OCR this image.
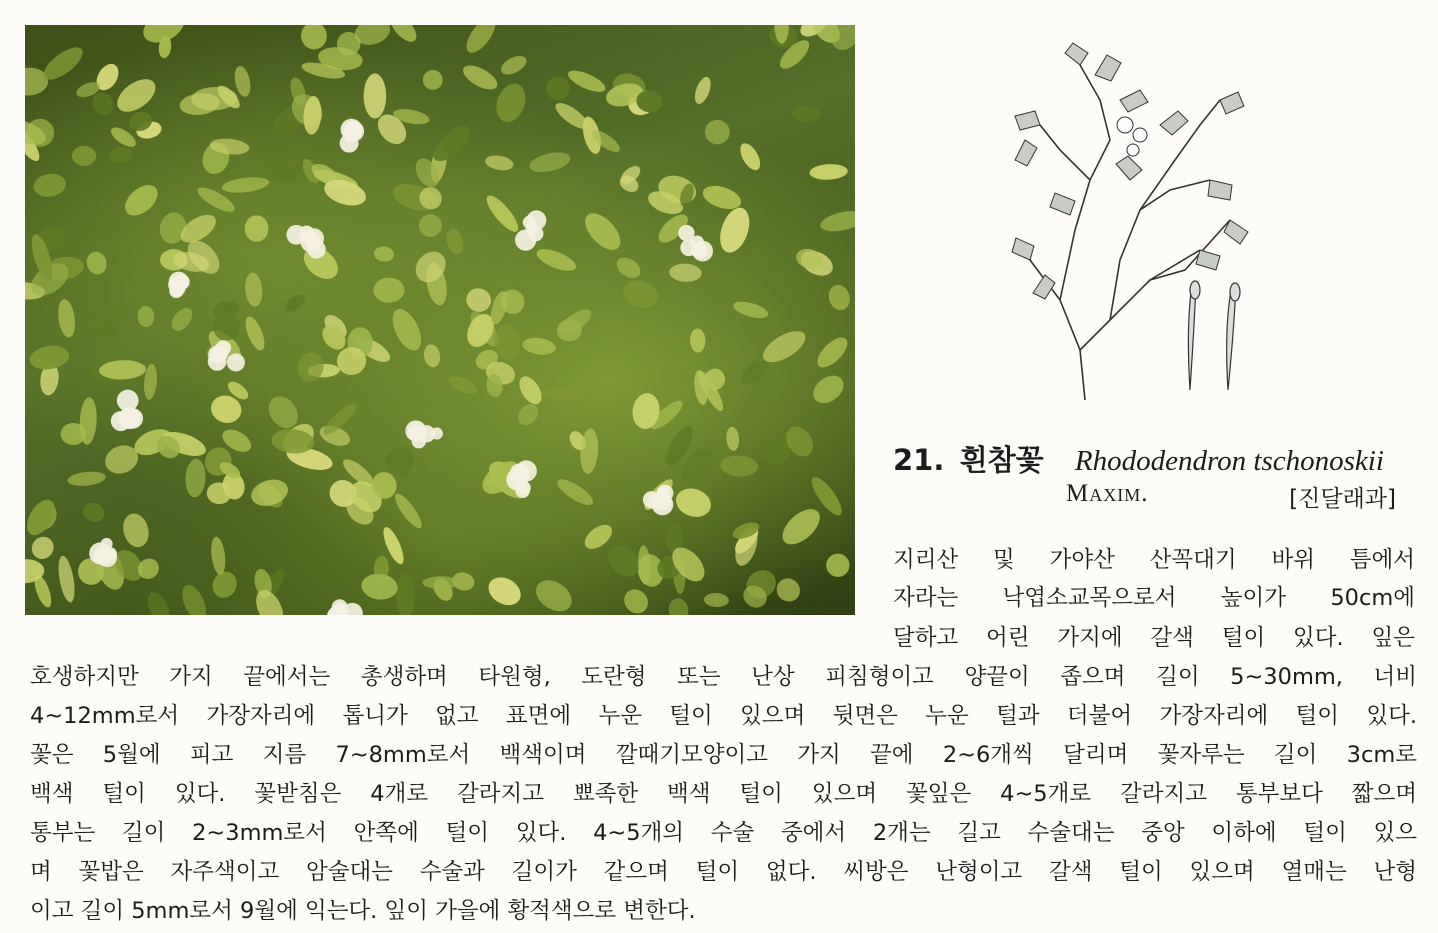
21. 흰참꽃 Rhododendron tschonoskii
Maxim.	[진달래과]
지리산 및 가야산 산꼭대기 바위 틈에서
자라는 낙엽소교목으로서 높이가 50cm에
달하고 어린 가지에 갈색 털이 있다. 잎은
호생하지만 가지 끝에서는 총생하며 타원형, 도란형 또는 난상 피침형이고 양끝이 좁으며 길이 5~30mm, 너비
4~12mm로서 가장자리에 톱니가 없고 표면에 누운 털이 있으며 뒷면은 누운 털과 더불어 가장자리에 털이 있다.
꽃은 5월에 피고 지름 7~8mm로서 백색이며 깔때기모양이고 가지 끝에 2~6개씩 달리며 꽃자루는 길이 3cm로
백색 털이 있다. 꽃받침은 4개로 갈라지고 뾰족한 백색 털이 있으며 꽃잎은 4~5개로 갈라지고 통부보다 짧으며
통부는 길이 2~3mm로서 안쪽에 털이 있다. 4~5개의 수술 중에서 2개는 길고 수술대는 중앙 이하에 털이 있으
며 꽃밥은 자주색이고 암술대는 수술과 길이가 같으며 털이 없다. 씨방은 난형이고 갈색 털이 있으며 열매는 난형
이고 길이 5mm로서 9월에 익는다. 잎이 가을에 황적색으로 변한다.
